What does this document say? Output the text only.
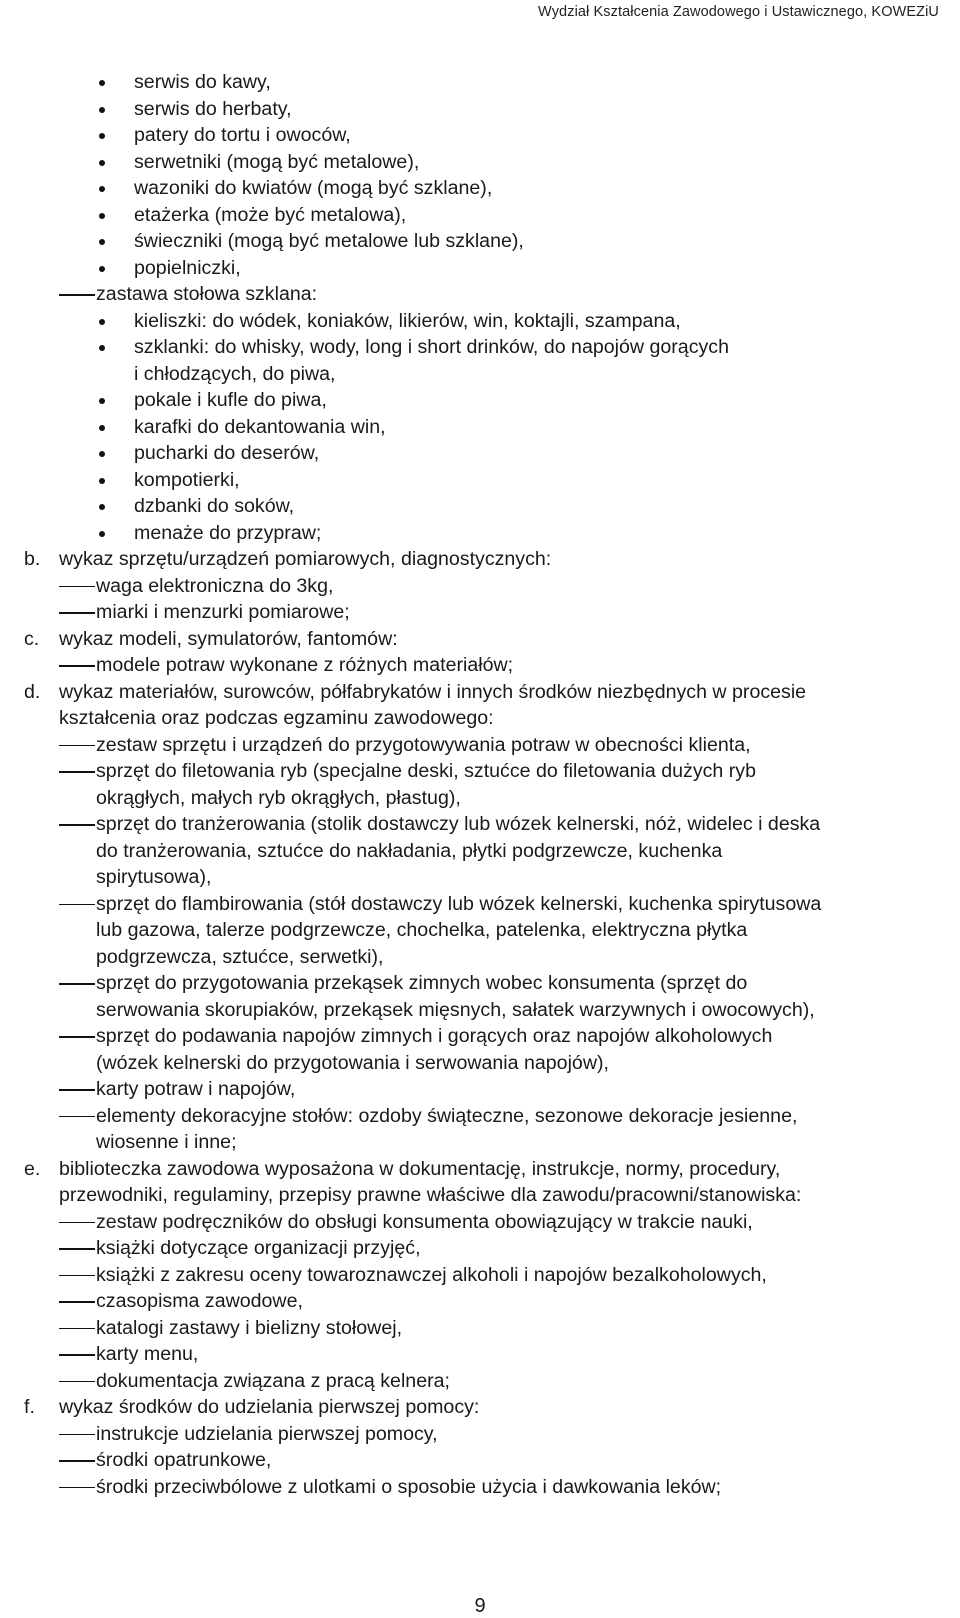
Wydział Kształcenia Zawodowego i Ustawicznego, KOWEZiU
serwis do kawy,
serwis do herbaty,
patery do tortu i owoców,
serwetniki (mogą być metalowe),
wazoniki do kwiatów (mogą być szklane),
etażerka (może być metalowa),
świeczniki (mogą być metalowe lub szklane),
popielniczki,
zastawa stołowa szklana:
kieliszki: do wódek, koniaków, likierów, win, koktajli, szampana,
szklanki: do whisky, wody, long i short drinków, do napojów gorących
i chłodzących, do piwa,
pokale i kufle do piwa,
karafki do dekantowania win,
pucharki do deserów,
kompotierki,
dzbanki do soków,
menaże do przypraw;
b. wykaz sprzętu/urządzeń pomiarowych, diagnostycznych:
waga elektroniczna do 3kg,
miarki i menzurki pomiarowe;
c. wykaz modeli, symulatorów, fantomów:
modele potraw wykonane z różnych materiałów;
d. wykaz materiałów, surowców, półfabrykatów i innych środków niezbędnych w procesie
kształcenia oraz podczas egzaminu zawodowego:
zestaw sprzętu i urządzeń do przygotowywania potraw w obecności klienta,
sprzęt do filetowania ryb (specjalne deski, sztućce do filetowania dużych ryb
okrągłych, małych ryb okrągłych, płastug),
sprzęt do tranżerowania (stolik dostawczy lub wózek kelnerski, nóż, widelec i deska
do tranżerowania, sztućce do nakładania, płytki podgrzewcze, kuchenka
spirytusowa),
sprzęt do flambirowania (stół dostawczy lub wózek kelnerski, kuchenka spirytusowa
lub gazowa, talerze podgrzewcze, chochelka, patelenka, elektryczna płytka
podgrzewcza, sztućce, serwetki),
sprzęt do przygotowania przekąsek zimnych wobec konsumenta (sprzęt do
serwowania skorupiaków, przekąsek mięsnych, sałatek warzywnych i owocowych),
sprzęt do podawania napojów zimnych i gorących oraz napojów alkoholowych
(wózek kelnerski do przygotowania i serwowania napojów),
karty potraw i napojów,
elementy dekoracyjne stołów: ozdoby świąteczne, sezonowe dekoracje jesienne,
wiosenne i inne;
e. biblioteczka zawodowa wyposażona w dokumentację, instrukcje, normy, procedury,
przewodniki, regulaminy, przepisy prawne właściwe dla zawodu/pracowni/stanowiska:
zestaw podręczników do obsługi konsumenta obowiązujący w trakcie nauki,
książki dotyczące organizacji przyjęć,
książki z zakresu oceny towaroznawczej alkoholi i napojów bezalkoholowych,
czasopisma zawodowe,
katalogi zastawy i bielizny stołowej,
karty menu,
dokumentacja związana z pracą kelnera;
f. wykaz środków do udzielania pierwszej pomocy:
instrukcje udzielania pierwszej pomocy,
środki opatrunkowe,
środki przeciwbólowe z ulotkami o sposobie użycia i dawkowania leków;
9
